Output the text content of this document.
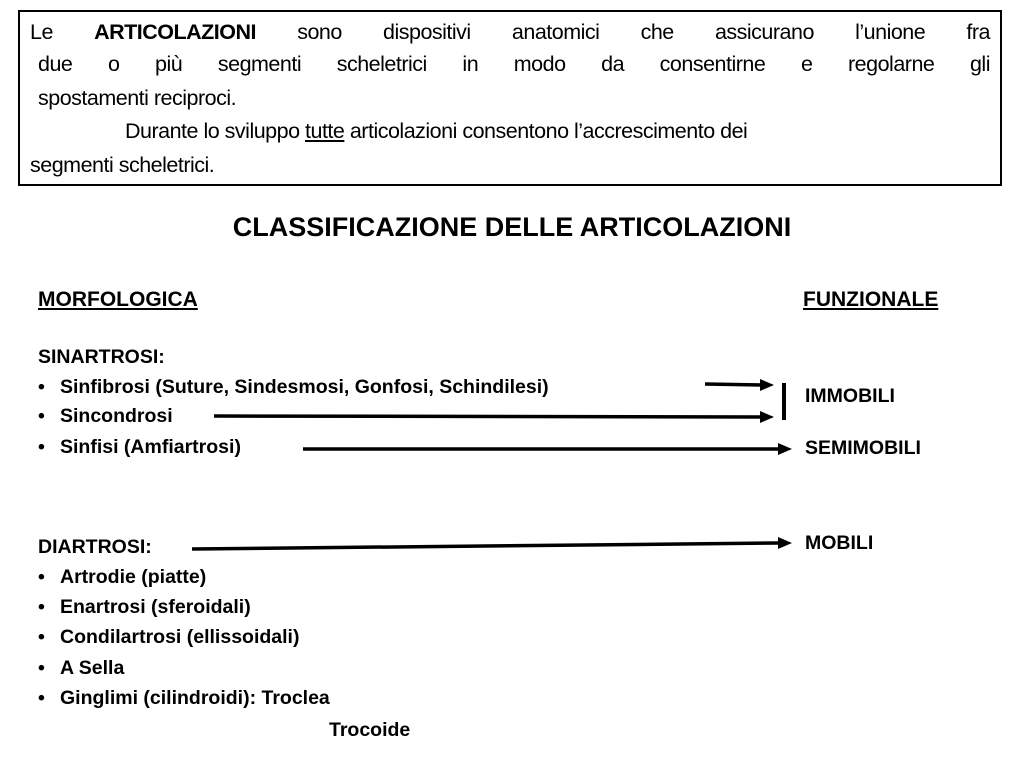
Le ARTICOLAZIONI sono dispositivi anatomici che assicurano l’unione fra
due o più segmenti scheletrici in modo da consentirne e regolarne gli
spostamenti reciproci.
Durante lo sviluppo tutte articolazioni consentono l’accrescimento dei
segmenti scheletrici.
CLASSIFICAZIONE DELLE ARTICOLAZIONI
MORFOLOGICA	FUNZIONALE
SINARTROSI:
• Sinfibrosi (Suture, Sindesmosi, Gonfosi, Schindilesi)
• Sincondrosi
• Sinfisi (Amfiartrosi)
DIARTROSI:
• Artrodie (piatte)
• Enartrosi (sferoidali)
• Condilartrosi (ellissoidali)
• A Sella
• Ginglimi (cilindroidi): Troclea
Trocoide
IMMOBILI
SEMIMOBILI
MOBILI
